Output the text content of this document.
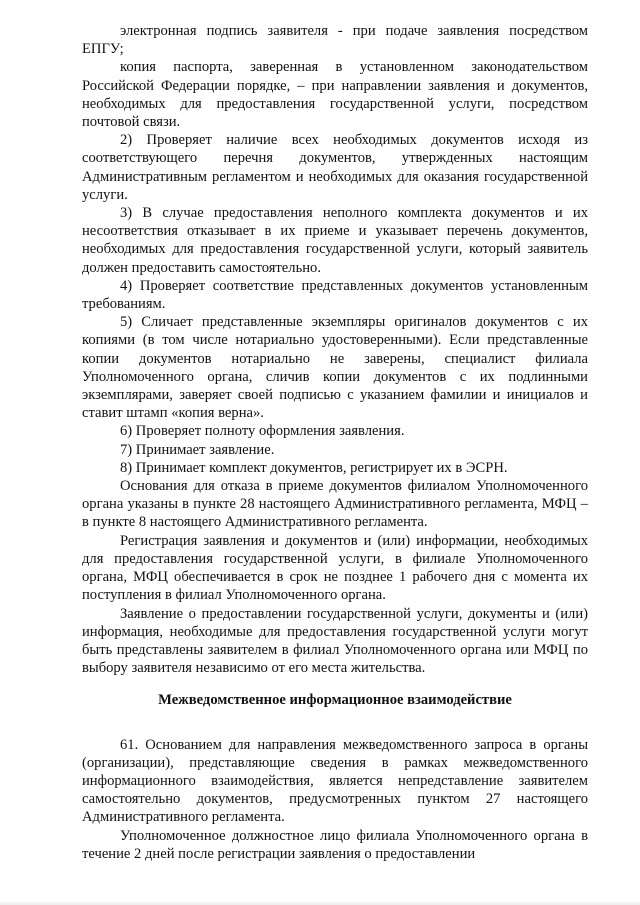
электронная подпись заявителя - при подаче заявления посредством ЕПГУ;

копия паспорта, заверенная в установленном законодательством Российской Федерации порядке, – при направлении заявления и документов, необходимых для предоставления государственной услуги, посредством почтовой связи.

2) Проверяет наличие всех необходимых документов исходя из соответствующего перечня документов, утвержденных настоящим Административным регламентом и необходимых для оказания государственной услуги.

3) В случае предоставления неполного комплекта документов и их несоответствия отказывает в их приеме и указывает перечень документов, необходимых для предоставления государственной услуги, который заявитель должен предоставить самостоятельно.

4) Проверяет соответствие представленных документов установленным требованиям.

5) Сличает представленные экземпляры оригиналов документов с их копиями (в том числе нотариально удостоверенными). Если представленные копии документов нотариально не заверены, специалист филиала Уполномоченного органа, сличив копии документов с их подлинными экземплярами, заверяет своей подписью с указанием фамилии и инициалов и ставит штамп «копия верна».

6) Проверяет полноту оформления заявления.

7) Принимает заявление.

8) Принимает комплект документов, регистрирует их в ЭСРН.

Основания для отказа в приеме документов филиалом Уполномоченного органа указаны в пункте 28 настоящего Административного регламента, МФЦ – в пункте 8 настоящего Административного регламента.

Регистрация заявления и документов и (или) информации, необходимых для предоставления государственной услуги, в филиале Уполномоченного органа, МФЦ обеспечивается в срок не позднее 1 рабочего дня с момента их поступления в филиал Уполномоченного органа.

Заявление о предоставлении государственной услуги, документы и (или) информация, необходимые для предоставления государственной услуги могут быть представлены заявителем в филиал Уполномоченного органа или МФЦ по выбору заявителя независимо от его места жительства.

Межведомственное информационное взаимодействие

61. Основанием для направления межведомственного запроса в органы (организации), представляющие сведения в рамках межведомственного информационного взаимодействия, является непредставление заявителем самостоятельно документов, предусмотренных пунктом 27 настоящего Административного регламента.

Уполномоченное должностное лицо филиала Уполномоченного органа в течение 2 дней после регистрации заявления о предоставлении
